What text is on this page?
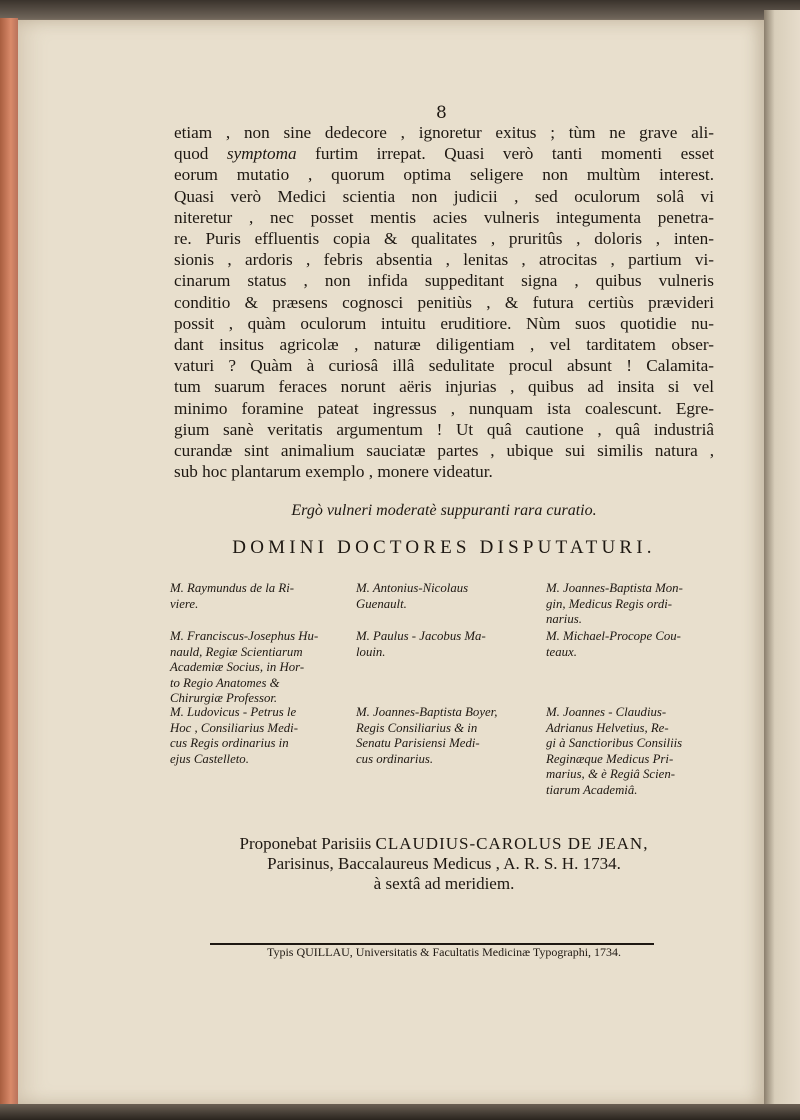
8
etiam , non sine dedecore , ignoretur exitus ; tùm ne grave ali-
quod symptoma furtim irrepat. Quasi verò tanti momenti esset
eorum mutatio , quorum optima seligere non multùm interest.
Quasi verò Medici scientia non judicii , sed oculorum solâ vi
niteretur , nec posset mentis acies vulneris integumenta penetra-
re. Puris effluentis copia & qualitates , pruritûs , doloris , inten-
sionis , ardoris , febris absentia , lenitas , atrocitas , partium vi-
cinarum status , non infida suppeditant signa , quibus vulneris
conditio & præsens cognosci penitiùs , & futura certiùs prævideri
possit , quàm oculorum intuitu eruditiore. Nùm suos quotidie nu-
dant insitus agricolæ , naturæ diligentiam , vel tarditatem obser-
vaturi ? Quàm à curiosâ illâ sedulitate procul absunt ! Calamita-
tum suarum feraces norunt aëris injurias , quibus ad insita si vel
minimo foramine pateat ingressus , nunquam ista coalescunt. Egre-
gium sanè veritatis argumentum ! Ut quâ cautione , quâ industriâ
curandæ sint animalium sauciatæ partes , ubique sui similis natura ,
sub hoc plantarum exemplo , monere videatur.
Ergò vulneri moderatè suppuranti rara curatio.
DOMINI DOCTORES DISPUTATURI.
M. Raymundus de la Ri-
viere.
M. Antonius-Nicolaus
Guenault.
M. Joannes-Baptista Mon-
gin, Medicus Regis ordi-
narius.
M. Franciscus-Josephus Hu-
nauld, Regiæ Scientiarum
Academiæ Socius, in Hor-
to Regio Anatomes &
Chirurgiæ Professor.
M. Paulus - Jacobus Ma-
louin.
M. Michael-Procope Cou-
teaux.
M. Ludovicus - Petrus le
Hoc , Consiliarius Medi-
cus Regis ordinarius in
ejus Castelleto.
M. Joannes-Baptista Boyer,
Regis Consiliarius & in
Senatu Parisiensi Medi-
cus ordinarius.
M. Joannes - Claudius-
Adrianus Helvetius, Re-
gi à Sanctioribus Consiliis
Reginæque Medicus Pri-
marius, & è Regiâ Scien-
tiarum Academiâ.
Proponebat Parisiis CLAUDIUS-CAROLUS DE JEAN,
Parisinus, Baccalaureus Medicus , A. R. S. H. 1734.
à sextâ ad meridiem.
Typis QUILLAU, Universitatis & Facultatis Medicinæ Typographi, 1734.
